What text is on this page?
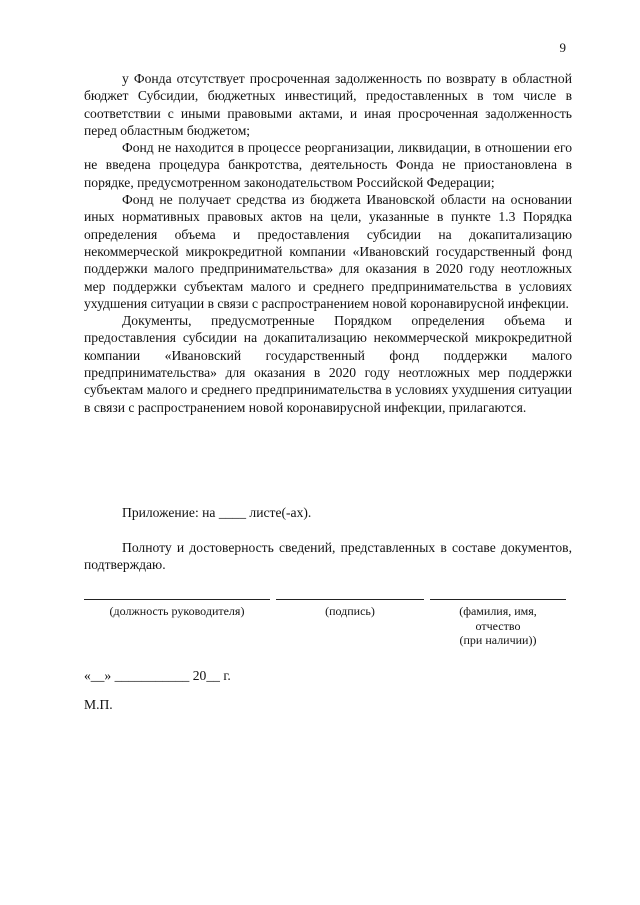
9

у Фонда отсутствует просроченная задолженность по возврату в областной бюджет Субсидии, бюджетных инвестиций, предоставленных в том числе в соответствии с иными правовыми актами, и иная просроченная задолженность перед областным бюджетом;

Фонд не находится в процессе реорганизации, ликвидации, в отношении его не введена процедура банкротства, деятельность Фонда не приостановлена в порядке, предусмотренном законодательством Российской Федерации;

Фонд не получает средства из бюджета Ивановской области на основании иных нормативных правовых актов на цели, указанные в пункте 1.3 Порядка определения объема и предоставления субсидии на докапитализацию некоммерческой микрокредитной компании «Ивановский государственный фонд поддержки малого предпринимательства» для оказания в 2020 году неотложных мер поддержки субъектам малого и среднего предпринимательства в условиях ухудшения ситуации в связи с распространением новой коронавирусной инфекции.

Документы, предусмотренные Порядком определения объема и предоставления субсидии на докапитализацию некоммерческой микрокредитной компании «Ивановский государственный фонд поддержки малого предпринимательства» для оказания в 2020 году неотложных мер поддержки субъектам малого и среднего предпринимательства в условиях ухудшения ситуации в связи с распространением новой коронавирусной инфекции, прилагаются.

Приложение: на ____ листе(-ах).

Полноту и достоверность сведений, представленных в составе документов, подтверждаю.

(должность руководителя)	(подпись)	(фамилия, имя,
отчество
(при наличии))
«__» ___________ 20__ г.
М.П.
